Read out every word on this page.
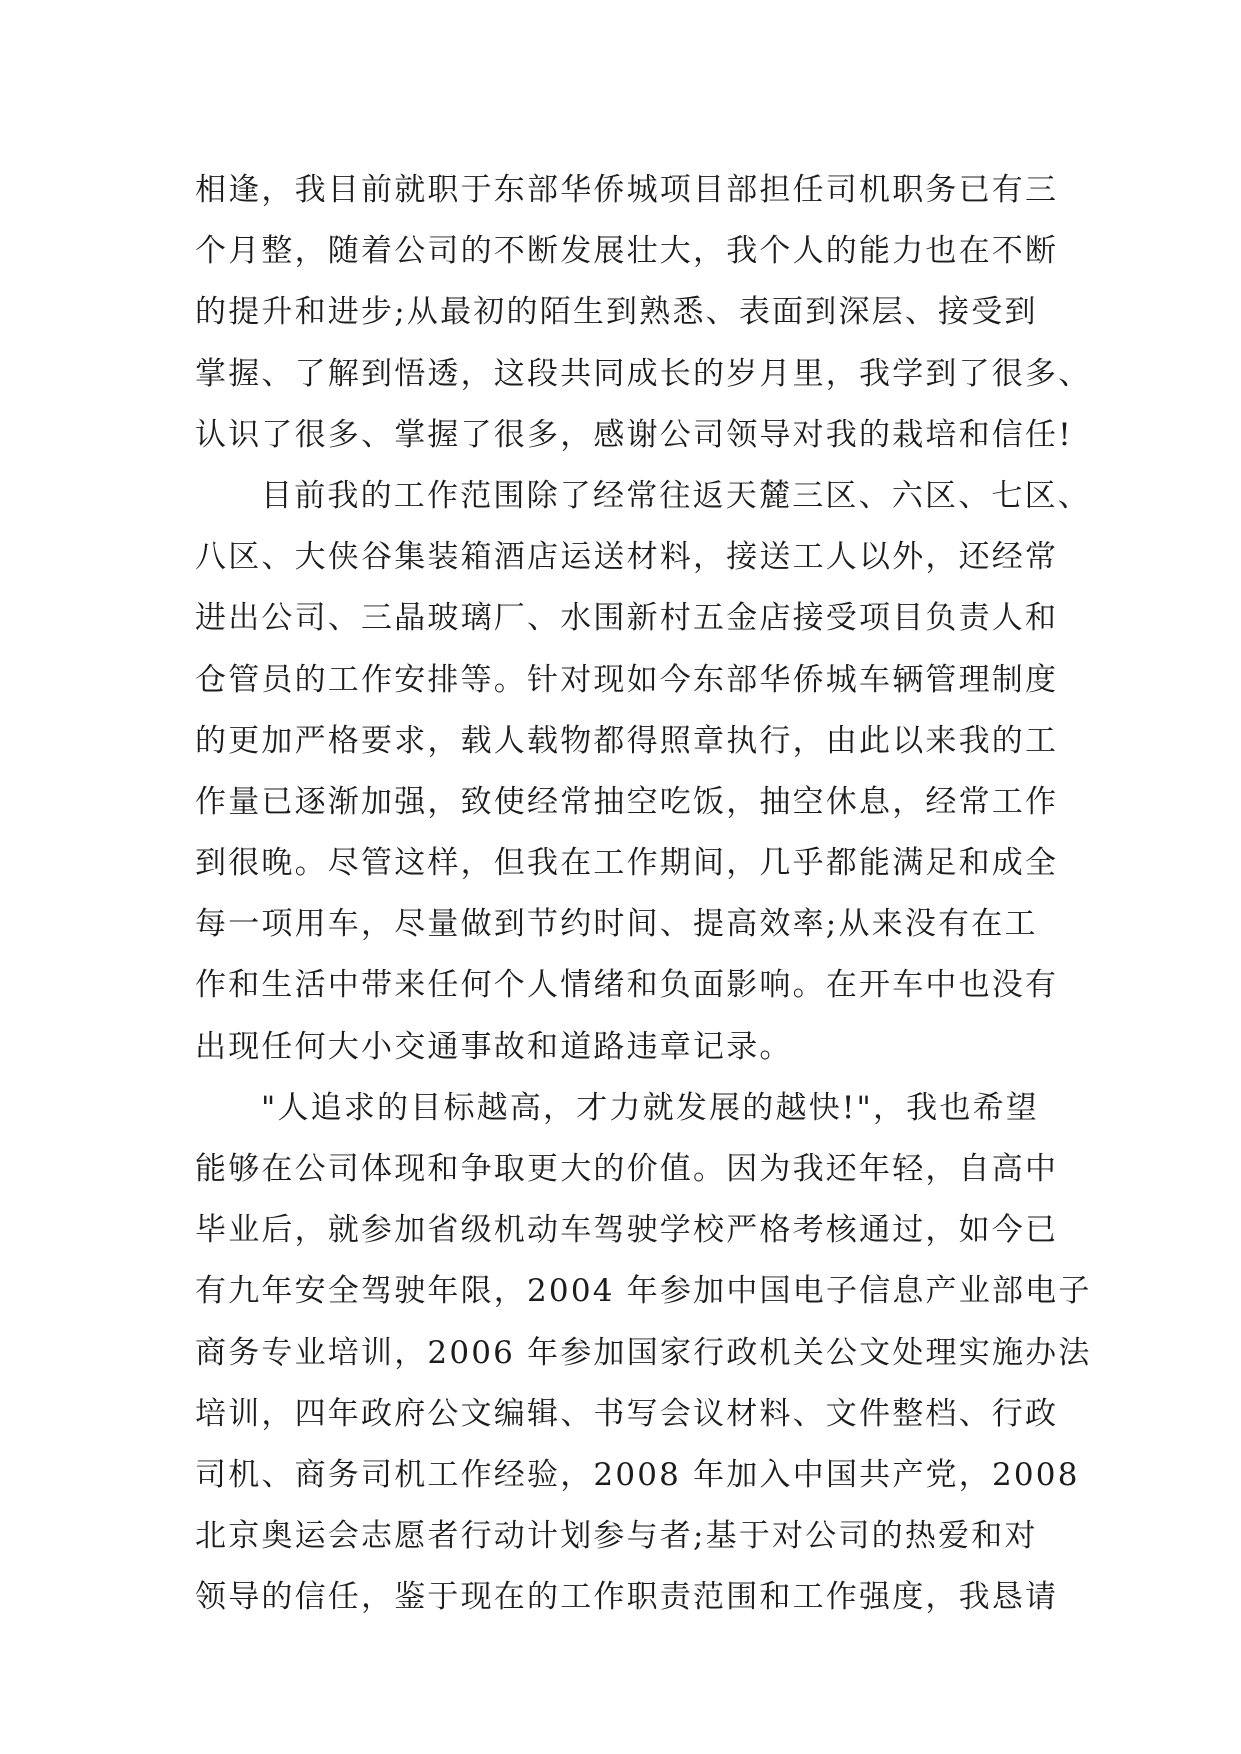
相逢，我目前就职于东部华侨城项目部担任司机职务已有三
个月整，随着公司的不断发展壮大，我个人的能力也在不断
的提升和进步;从最初的陌生到熟悉、表面到深层、接受到
掌握、了解到悟透，这段共同成长的岁月里，我学到了很多、
认识了很多、掌握了很多，感谢公司领导对我的栽培和信任!
目前我的工作范围除了经常往返天麓三区、六区、七区、
八区、大侠谷集装箱酒店运送材料，接送工人以外，还经常
进出公司、三晶玻璃厂、水围新村五金店接受项目负责人和
仓管员的工作安排等。针对现如今东部华侨城车辆管理制度
的更加严格要求，载人载物都得照章执行，由此以来我的工
作量已逐渐加强，致使经常抽空吃饭，抽空休息，经常工作
到很晚。尽管这样，但我在工作期间，几乎都能满足和成全
每一项用车，尽量做到节约时间、提高效率;从来没有在工
作和生活中带来任何个人情绪和负面影响。在开车中也没有
出现任何大小交通事故和道路违章记录。
"人追求的目标越高，才力就发展的越快!"，我也希望
能够在公司体现和争取更大的价值。因为我还年轻，自高中
毕业后，就参加省级机动车驾驶学校严格考核通过，如今已
有九年安全驾驶年限，2004 年参加中国电子信息产业部电子
商务专业培训，2006 年参加国家行政机关公文处理实施办法
培训，四年政府公文编辑、书写会议材料、文件整档、行政
司机、商务司机工作经验，2008 年加入中国共产党，2008
北京奥运会志愿者行动计划参与者;基于对公司的热爱和对
领导的信任，鉴于现在的工作职责范围和工作强度，我恳请
